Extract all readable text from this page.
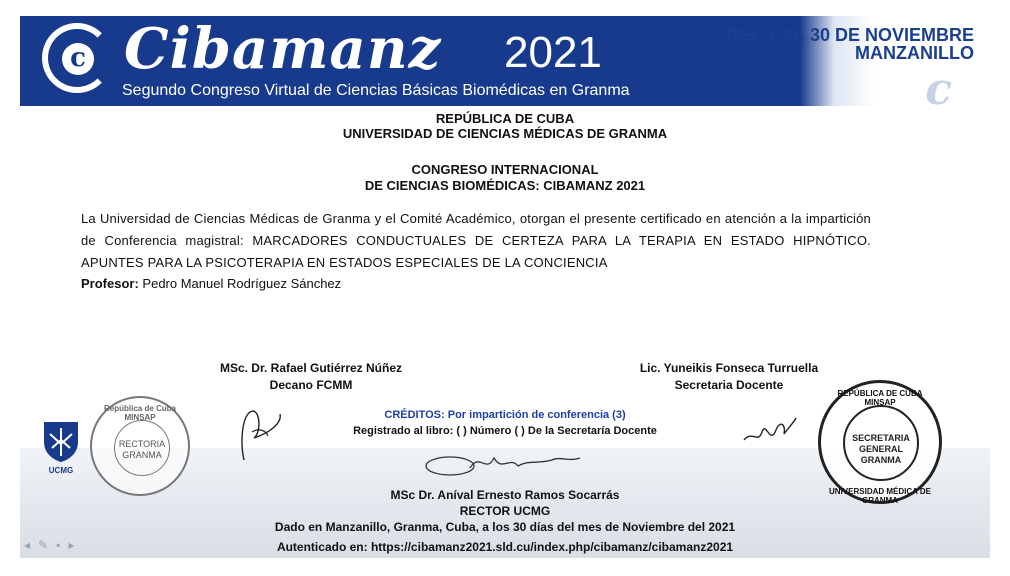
c Cibamanz 2021
Segundo Congreso Virtual de Ciencias Básicas Biomédicas en Granma
DEL 1 AL 30 DE NOVIEMBRE
MANZANILLO
c
REPÚBLICA DE CUBA
UNIVERSIDAD DE CIENCIAS MÉDICAS DE GRANMA
CONGRESO INTERNACIONAL
DE CIENCIAS BIOMÉDICAS: CIBAMANZ 2021
La Universidad de Ciencias Médicas de Granma y el Comité Académico, otorgan el presente certificado en atención a la impartición de Conferencia magistral: MARCADORES CONDUCTUALES DE CERTEZA PARA LA TERAPIA EN ESTADO HIPNÓTICO. APUNTES PARA LA PSICOTERAPIA EN ESTADOS ESPECIALES DE LA CONCIENCIA
Profesor: Pedro Manuel Rodríguez Sánchez
MSc. Dr. Rafael Gutiérrez Núñez
Decano FCMM
Lic. Yuneikis Fonseca Turruella
Secretaria Docente
CRÉDITOS: Por impartición de conferencia (3)
Registrado al libro: ( ) Número ( ) De la Secretaría Docente
MSc Dr. Aníval Ernesto Ramos Socarrás
RECTOR UCMG
Dado en Manzanillo, Granma, Cuba, a los 30 días del mes de Noviembre del 2021
Autenticado en: https://cibamanz2021.sld.cu/index.php/cibamanz/cibamanz2021
UCMG
República de Cuba MINSAP
RECTORIA GRANMA
REPÚBLICA DE CUBA MINSAP
SECRETARIA GENERAL GRANMA
UNIVERSIDAD MÉDICA DE GRANMA
◂✎▪▸
